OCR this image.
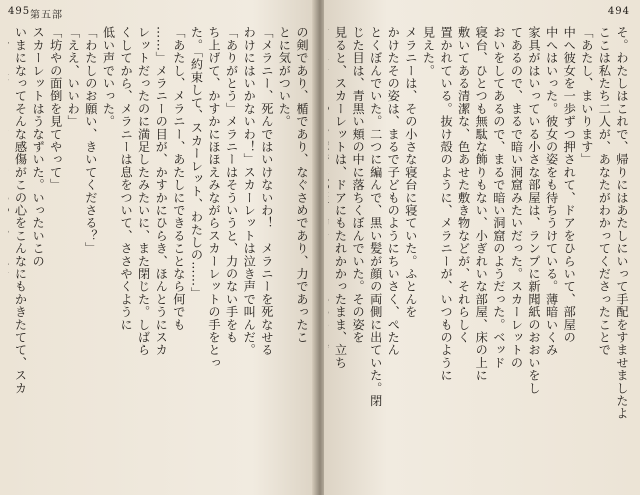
495 第五部
の剣であり、楯であり、なぐさめであり、力であったこ
とに気がついた。
「メラニー、死んではいけないわ！　メラニーを死なせる
わけにはいかないわ！」スカーレットは泣き声で叫んだ。
「ありがとう」メラニーはそういうと、力のない手をも
ち上げて、かすかにほほえみながらスカーレットの手をとっ
た。「約束して、スカーレット、わたしの……」
「あたし、メラニー、あたしにできることなら何でも
……」メラニーの目が、かすかにひらき、ほんとうにスカ
レットだったのに満足したみたいに、また閉じた。しばら
くしてから、メラニーは息をついて、ささやくように
低い声でいった。
「わたしのお願い、きいてくださる？」
「ええ、いいわ」
「坊やの面倒を見てやって」
スカーレットはうなずいた。いったいこの
いまになってそんな感傷がこの心をこんなにもかきたてて、スカ
494
そ。わたしはこれで、帰りにはあたしにいって手配をすませましたよ
ここは私たち二人が、あなたがわかってくださったことで
「あたし、まいります」
中へ彼女を一歩ずつ押されて、ドアをひらいて、部屋の
中へはいった。彼女の姿をも待ちうけている。薄暗いくみ
家具がはいっている小さな部屋は、ランプに新聞紙のおおいをし
てあるので、まるで暗い洞窟みたいだった。スカーレットの
おいをしてあるので、まるで暗い洞窟のようだった。ベッド
寝台、ひとつも無駄な飾りもない、小ぎれいな部屋、床の上に
敷いてある清潔な、色あせた敷き物などが、それらしく
置かれている。抜け殻のように、メラニーが、いつものように
見えた。
メラニーは、その小さな寝台に寝ていた。ふとんを
かけたその姿は、まるで子どものようにちいさく、ぺたん
とくぼんでいた。二つに編んで、黒い髪が顔の両側に出ていた。閉
じた目は、青黒い頬の中に落ちくぼんでいた。その姿を
見ると、スカーレットは、ドアにもたれかかったまま、立ち
